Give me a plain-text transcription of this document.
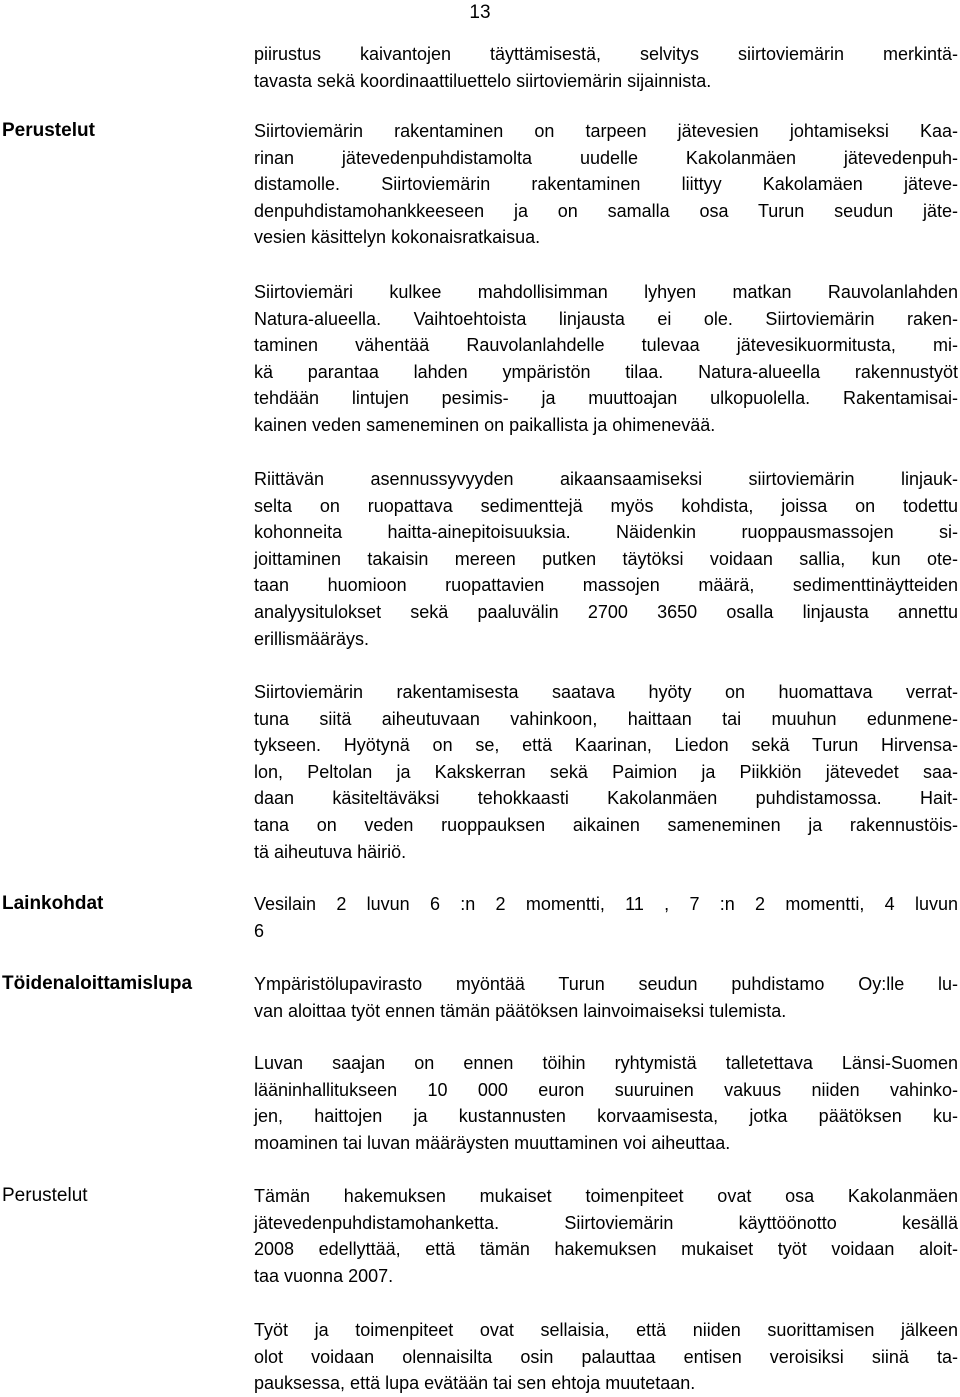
13
Perustelut
Lainkohdat
Töidenaloittamislupa
Perustelut
piirustus kaivantojen täyttämisestä, selvitys siirtoviemärin merkintä-
tavasta sekä koordinaattiluettelo siirtoviemärin sijainnista.
Siirtoviemärin rakentaminen on tarpeen jätevesien johtamiseksi Kaa-
rinan jätevedenpuhdistamolta uudelle Kakolanmäen jätevedenpuh-
distamolle. Siirtoviemärin rakentaminen liittyy Kakolamäen jäteve-
denpuhdistamohankkeeseen ja on samalla osa Turun seudun jäte-
vesien käsittelyn kokonaisratkaisua.
Siirtoviemäri kulkee mahdollisimman lyhyen matkan Rauvolanlahden
Natura-alueella. Vaihtoehtoista linjausta ei ole. Siirtoviemärin raken-
taminen vähentää Rauvolanlahdelle tulevaa jätevesikuormitusta, mi-
kä parantaa lahden ympäristön tilaa. Natura-alueella rakennustyöt
tehdään lintujen pesimis- ja muuttoajan ulkopuolella. Rakentamisai-
kainen veden sameneminen on paikallista ja ohimenevää.
Riittävän asennussyvyyden aikaansaamiseksi siirtoviemärin linjauk-
selta on ruopattava sedimenttejä myös kohdista, joissa on todettu
kohonneita haitta-ainepitoisuuksia. Näidenkin ruoppausmassojen si-
joittaminen takaisin mereen putken täytöksi voidaan sallia, kun ote-
taan huomioon ruopattavien massojen määrä, sedimenttinäytteiden
analyysitulokset sekä paaluvälin 2700 3650 osalla linjausta annettu
erillismääräys.
Siirtoviemärin rakentamisesta saatava hyöty on huomattava verrat-
tuna siitä aiheutuvaan vahinkoon, haittaan tai muuhun edunmene-
tykseen. Hyötynä on se, että Kaarinan, Liedon sekä Turun Hirvensa-
lon, Peltolan ja Kakskerran sekä Paimion ja Piikkiön jätevedet saa-
daan käsiteltäväksi tehokkaasti Kakolanmäen puhdistamossa. Hait-
tana on veden ruoppauksen aikainen sameneminen ja rakennustöis-
tä aiheutuva häiriö.
Vesilain 2 luvun 6 :n 2 momentti, 11 , 7 :n 2 momentti, 4 luvun
6
Ympäristölupavirasto myöntää Turun seudun puhdistamo Oy:lle lu-
van aloittaa työt ennen tämän päätöksen lainvoimaiseksi tulemista.
Luvan saajan on ennen töihin ryhtymistä talletettava Länsi-Suomen
lääninhallitukseen 10 000 euron suuruinen vakuus niiden vahinko-
jen, haittojen ja kustannusten korvaamisesta, jotka päätöksen ku-
moaminen tai luvan määräysten muuttaminen voi aiheuttaa.
Tämän hakemuksen mukaiset toimenpiteet ovat osa Kakolanmäen
jätevedenpuhdistamohanketta. Siirtoviemärin käyttöönotto kesällä
2008 edellyttää, että tämän hakemuksen mukaiset työt voidaan aloit-
taa vuonna 2007.
Työt ja toimenpiteet ovat sellaisia, että niiden suorittamisen jälkeen
olot voidaan olennaisilta osin palauttaa entisen veroisiksi siinä ta-
pauksessa, että lupa evätään tai sen ehtoja muutetaan.
